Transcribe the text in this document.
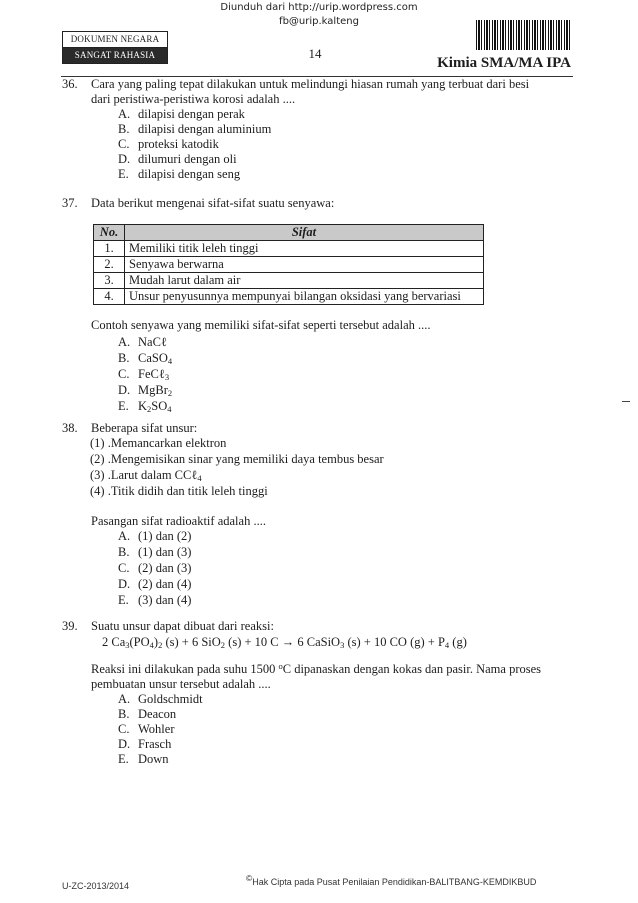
Diunduh dari http://urip.wordpress.com
fb@urip.kalteng
DOKUMEN NEGARA
SANGAT RAHASIA	14
Kimia SMA/MA IPA
36. Cara yang paling tepat dilakukan untuk melindungi hiasan rumah yang terbuat dari besi
dari peristiwa-peristiwa korosi adalah ....
A. dilapisi dengan perak
B. dilapisi dengan aluminium
C. proteksi katodik
D. dilumuri dengan oli
E. dilapisi dengan seng
37. Data berikut mengenai sifat-sifat suatu senyawa:
No.	Sifat
1.	Memiliki titik leleh tinggi
2.	Senyawa berwarna
3.	Mudah larut dalam air
4.	Unsur penyusunnya mempunyai bilangan oksidasi yang bervariasi
Contoh senyawa yang memiliki sifat-sifat seperti tersebut adalah ....
A. NaCℓ
B. CaSO$_4$
C. FeCℓ$_3$
D. MgBr$_2$
E. $K_2SO_4$
38. Beberapa sifat unsur:
(1) .Memancarkan elektron
(2) .Mengemisikan sinar yang memiliki daya tembus besar
(3) .Larut dalam CCℓ$_4$
(4) .Titik didih dan titik leleh tinggi
Pasangan sifat radioaktif adalah ....
A. (1) dan (2)
B. (1) dan (3)
C. (2) dan (3)
D. (2) dan (4)
E. (3) dan (4)
39. Suatu unsur dapat dibuat dari reaksi:
2 $Ca_3(PO_4)_2$ (s) + 6 SiO$_2$ (s) + 10 C → 6 CaSiO$_3$ (s) + 10 CO $(g) + P_4$ (g)
Reaksi ini dilakukan pada suhu 1500 $^o$C dipanaskan dengan kokas dan pasir. Nama proses
pembuatan unsur tersebut adalah ....
A. Goldschmidt
B. Deacon
C. Wohler
D. Frasch
E. Down
U-ZC-2013/2014
©Hak Cipta pada Pusat Penilaian Pendidikan-BALITBANG-KEMDIKBUD
